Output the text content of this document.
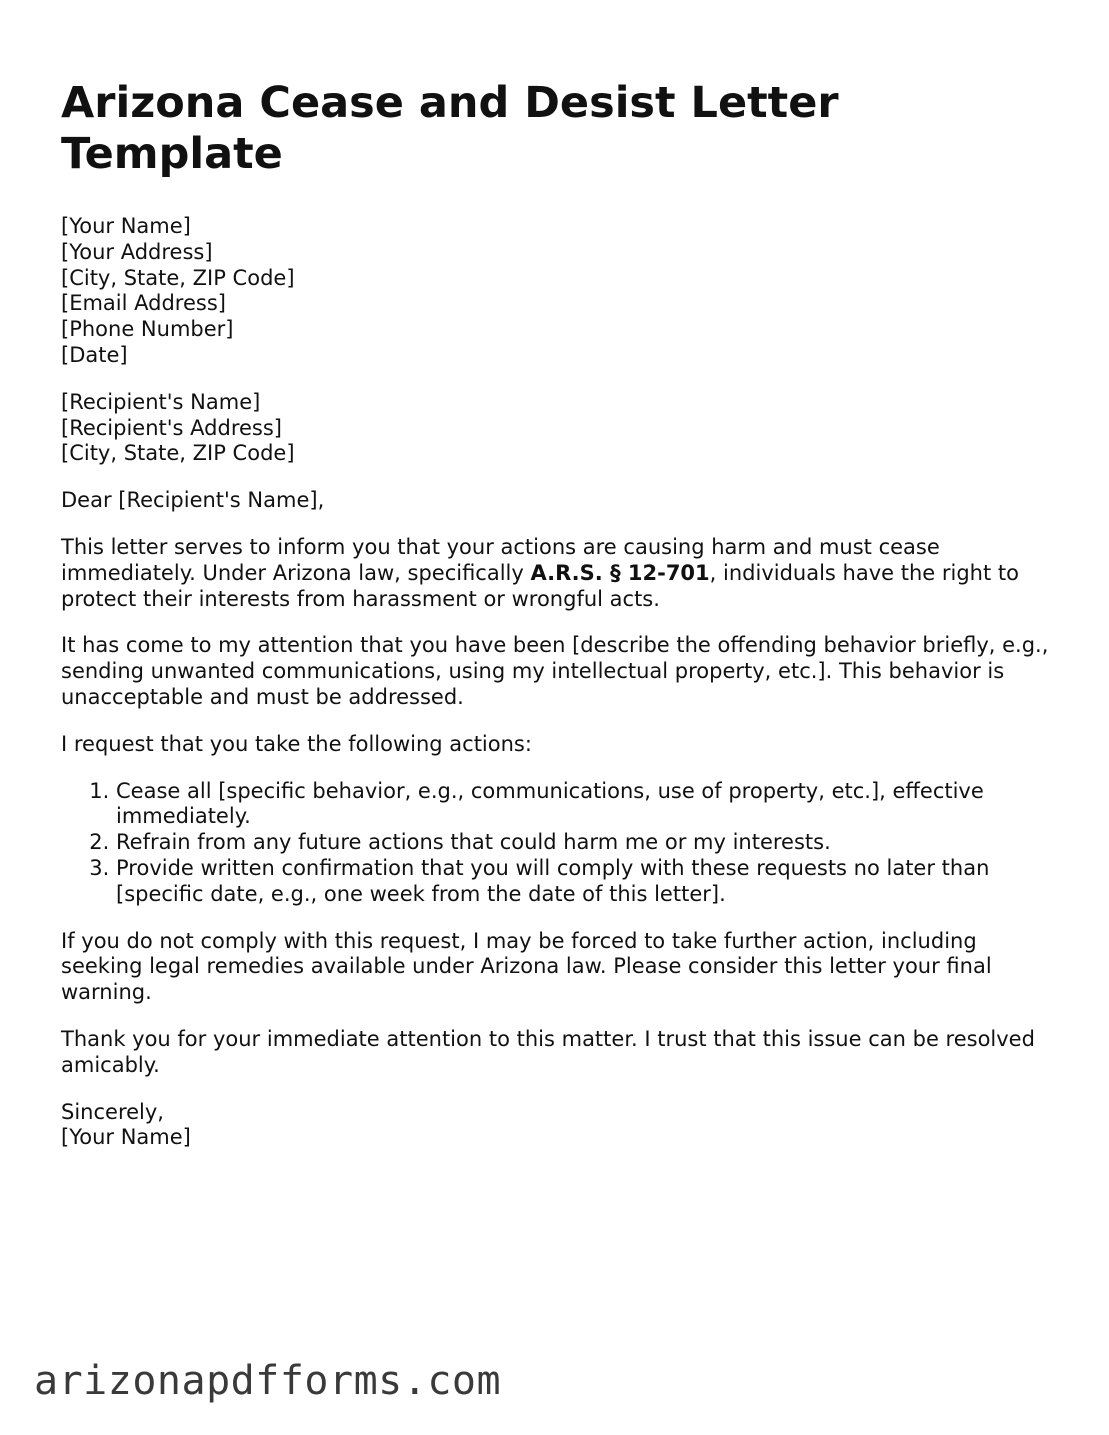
Arizona Cease and Desist Letter Template
[Your Name]
[Your Address]
[City, State, ZIP Code]
[Email Address]
[Phone Number]
[Date]
[Recipient's Name]
[Recipient's Address]
[City, State, ZIP Code]

Dear [Recipient's Name],

This letter serves to inform you that your actions are causing harm and must cease immediately. Under Arizona law, specifically A.R.S. § 12-701, individuals have the right to protect their interests from harassment or wrongful acts.

It has come to my attention that you have been [describe the offending behavior briefly, e.g., sending unwanted communications, using my intellectual property, etc.]. This behavior is unacceptable and must be addressed.

I request that you take the following actions:

1. Cease all [specific behavior, e.g., communications, use of property, etc.], effective immediately.
2. Refrain from any future actions that could harm me or my interests.
3. Provide written confirmation that you will comply with these requests no later than [specific date, e.g., one week from the date of this letter].

If you do not comply with this request, I may be forced to take further action, including seeking legal remedies available under Arizona law. Please consider this letter your final warning.

Thank you for your immediate attention to this matter. I trust that this issue can be resolved amicably.

Sincerely,
[Your Name]
arizonapdfforms.com
